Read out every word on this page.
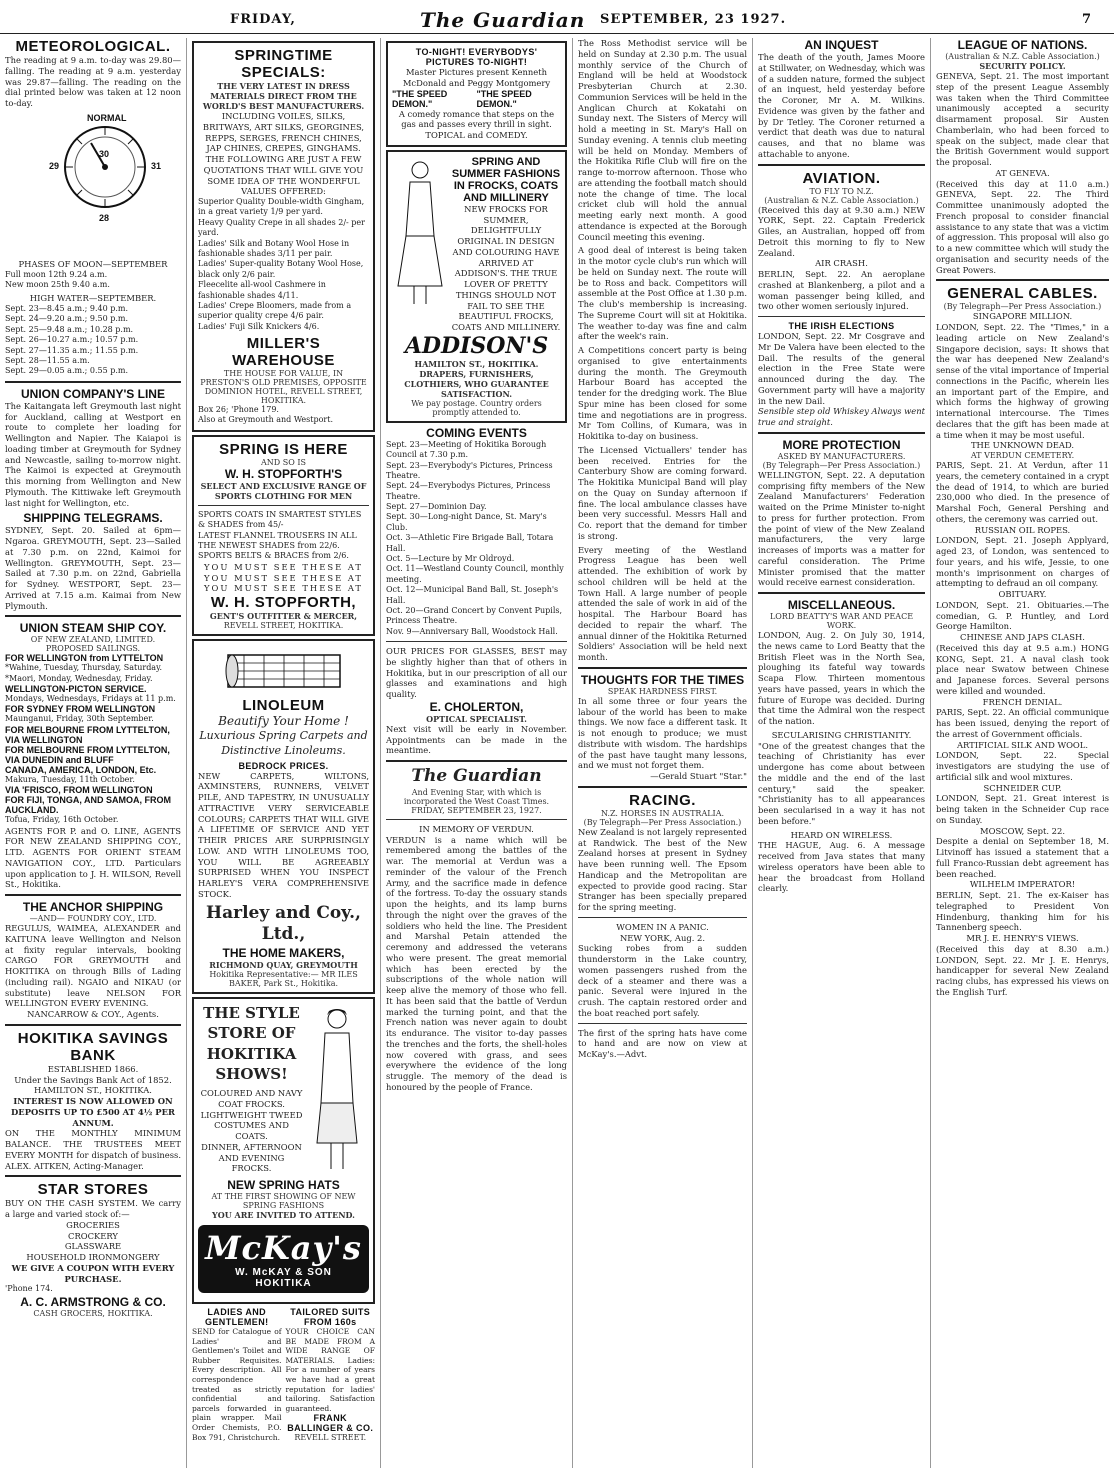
FRIDAY,	The Guardian SEPTEMBER, 23 1927.	7
METEOROLOGICAL.
The reading at 9 a.m. to-day was 29.80—falling. The reading at 9 a.m. yesterday was 29.87—falling. The reading on the dial printed below was taken at 12 noon to-day.
NORMAL
29	31
28
30
PHASES OF MOON—SEPTEMBER
Full moon 12th 9.24 a.m.
New moon 25th 9.40 a.m.
HIGH WATER—SEPTEMBER.
Sept. 23—8.45 a.m.; 9.40 p.m.
Sept. 24—9.20 a.m.; 9.50 p.m.
Sept. 25—9.48 a.m.; 10.28 p.m.
Sept. 26—10.27 a.m.; 10.57 p.m.
Sept. 27—11.35 a.m.; 11.55 p.m.
Sept. 28—11.55 a.m.
Sept. 29—0.05 a.m.; 0.55 p.m.
UNION COMPANY'S LINE
The Kaitangata left Greymouth last night for Auckland, calling at Westport en route to complete her loading for Wellington and Napier. The Kaiapoi is loading timber at Greymouth for Sydney and Newcastle, sailing to-morrow night. The Kaimoi is expected at Greymouth this morning from Wellington and New Plymouth. The Kittiwake left Greymouth last night for Wellington, etc.
SHIPPING TELEGRAMS.
SYDNEY, Sept. 20. Sailed at 6pm—Ngaroa. GREYMOUTH, Sept. 23—Sailed at 7.30 p.m. on 22nd, Kaimoi for Wellington. GREYMOUTH, Sept. 23—Sailed at 7.30 p.m. on 22nd, Gabriella for Sydney. WESTPORT, Sept. 23—Arrived at 7.15 a.m. Kaimai from New Plymouth.
UNION STEAM SHIP COY.
OF NEW ZEALAND, LIMITED.
PROPOSED SAILINGS.
FOR WELLINGTON from LYTTELTON
*Wahine, Tuesday, Thursday, Saturday.
*Maori, Monday, Wednesday, Friday.
WELLINGTON-PICTON SERVICE.
Mondays, Wednesdays, Fridays at 11 p.m.
FOR SYDNEY FROM WELLINGTON
Maunganui, Friday, 30th September.
FOR MELBOURNE FROM LYTTELTON, VIA WELLINGTON
FOR MELBOURNE FROM LYTTELTON, VIA DUNEDIN and BLUFF
CANADA, AMERICA, LONDON, Etc.
Makura, Tuesday, 11th October.
VIA 'FRISCO, FROM WELLINGTON
FOR FIJI, TONGA, AND SAMOA, FROM AUCKLAND.
Tofua, Friday, 16th October.
AGENTS FOR P. and O. LINE, AGENTS FOR NEW ZEALAND SHIPPING COY., LTD. AGENTS FOR ORIENT STEAM NAVIGATION COY., LTD. Particulars upon application to J. H. WILSON, Revell St., Hokitika.
THE ANCHOR SHIPPING
—AND— FOUNDRY COY., LTD.
REGULUS, WAIMEA, ALEXANDER and KAITUNA leave Wellington and Nelson at fixity regular intervals, booking CARGO FOR GREYMOUTH and HOKITIKA on through Bills of Lading (including rail). NGAIO and NIKAU (or substitute) leave NELSON FOR WELLINGTON EVERY EVENING.
NANCARROW & COY., Agents.
HOKITIKA SAVINGS BANK
ESTABLISHED 1866.
Under the Savings Bank Act of 1852.
HAMILTON ST., HOKITIKA.
INTEREST IS NOW ALLOWED ON DEPOSITS UP TO £500 AT 4½ PER ANNUM.
ON THE MONTHLY MINIMUM BALANCE. THE TRUSTEES MEET EVERY MONTH for dispatch of business. ALEX. AITKEN, Acting-Manager.
STAR STORES
BUY ON THE CASH SYSTEM. We carry a large and varied stock of:—
GROCERIES
CROCKERY
GLASSWARE
HOUSEHOLD IRONMONGERY
WE GIVE A COUPON WITH EVERY PURCHASE.
'Phone 174.
A. C. ARMSTRONG & CO.
CASH GROCERS, HOKITIKA.
SPRINGTIME SPECIALS:
THE VERY LATEST IN DRESS MATERIALS DIRECT FROM THE WORLD'S BEST MANUFACTURERS.
INCLUDING VOILES, SILKS, BRITWAYS, ART SILKS, GEORGINES, REPPS, SERGES, FRENCH CHINES, JAP CHINES, CREPES, GINGHAMS. THE FOLLOWING ARE JUST A FEW QUOTATIONS THAT WILL GIVE YOU SOME IDEA OF THE WONDERFUL VALUES OFFERED:
Superior Quality Double-width Gingham, in a great variety 1/9 per yard.
Heavy Quality Crepe in all shades 2/- per yard.
Ladies' Silk and Botany Wool Hose in fashionable shades 3/11 per pair.
Ladies' Super-quality Botany Wool Hose, black only 2/6 pair.
Fleecelite all-wool Cashmere in fashionable shades 4/11.
Ladies' Crepe Bloomers, made from a superior quality crepe 4/6 pair.
Ladies' Fuji Silk Knickers 4/6.
MILLER'S WAREHOUSE
THE HOUSE FOR VALUE, IN PRESTON'S OLD PREMISES, OPPOSITE DOMINION HOTEL, REVELL STREET, HOKITIKA.
Box 26; 'Phone 179.
Also at Greymouth and Westport.
SPRING IS HERE
AND SO IS
W. H. STOPFORTH'S
SELECT AND EXCLUSIVE RANGE OF SPORTS CLOTHING FOR MEN
SPORTS COATS IN SMARTEST STYLES & SHADES from 45/-
LATEST FLANNEL TROUSERS IN ALL THE NEWEST SHADES from 22/6.
SPORTS BELTS & BRACES from 2/6.
YOU MUST SEE THESE AT YOU MUST SEE THESE AT YOU MUST SEE THESE AT
W. H. STOPFORTH,
GENT'S OUTFITTER & MERCER,
REVELL STREET, HOKITIKA.
LINOLEUM
Beautify Your Home !
Luxurious Spring Carpets and Distinctive Linoleums.
BEDROCK PRICES.
NEW CARPETS, WILTONS, AXMINSTERS, RUNNERS, VELVET PILE, AND TAPESTRY, IN UNUSUALLY ATTRACTIVE VERY SERVICEABLE COLOURS; CARPETS THAT WILL GIVE A LIFETIME OF SERVICE AND YET THEIR PRICES ARE SURPRISINGLY LOW. AND WITH LINOLEUMS TOO, YOU WILL BE AGREEABLY SURPRISED WHEN YOU INSPECT HARLEY'S VERA COMPREHENSIVE STOCK.
Harley and Coy., Ltd.,
THE HOME MAKERS,
RICHMOND QUAY, GREYMOUTH
Hokitika Representative:— MR ILES BAKER, Park St., Hokitika.
THE STYLE STORE OF HOKITIKA SHOWS!
COLOURED AND NAVY COAT FROCKS.
LIGHTWEIGHT TWEED COSTUMES AND COATS.
DINNER, AFTERNOON AND EVENING FROCKS.
NEW SPRING HATS
AT THE FIRST SHOWING OF NEW SPRING FASHIONS
YOU ARE INVITED TO ATTEND.
McKay's
W. McKAY & SON
HOKITIKA
LADIES AND GENTLEMEN!
SEND for Catalogue of Ladies' and Gentlemen's Toilet and Rubber Requisites. Every description. All correspondence treated as strictly confidential and parcels forwarded in plain wrapper. Mail Order Chemists, P.O. Box 791, Christchurch.
TAILORED SUITS FROM 160s
YOUR CHOICE CAN BE MADE FROM A WIDE RANGE OF MATERIALS. Ladies: For a number of years we have had a great reputation for ladies' tailoring. Satisfaction guaranteed.
FRANK BALLINGER & CO.
REVELL STREET.
TO-NIGHT! EVERYBODYS' PICTURES TO-NIGHT!
Master Pictures present Kenneth McDonald and Peggy Montgomery
"THE SPEED DEMON."
"THE SPEED DEMON."
A comedy romance that steps on the gas and passes every thrill in sight. TOPICAL and COMEDY.
SPRING AND SUMMER FASHIONS IN FROCKS, COATS AND MILLINERY
NEW FROCKS FOR SUMMER, DELIGHTFULLY ORIGINAL IN DESIGN AND COLOURING HAVE ARRIVED AT ADDISON'S. THE TRUE LOVER OF PRETTY THINGS SHOULD NOT FAIL TO SEE THE BEAUTIFUL FROCKS, COATS AND MILLINERY.
ADDISON'S
HAMILTON ST., HOKITIKA. DRAPERS, FURNISHERS, CLOTHIERS, WHO GUARANTEE SATISFACTION.
We pay postage. Country orders promptly attended to.
COMING EVENTS
Sept. 23—Meeting of Hokitika Borough Council at 7.30 p.m.
Sept. 23—Everybody's Pictures, Princess Theatre.
Sept. 24—Everybodys Pictures, Princess Theatre.
Sept. 27—Dominion Day.
Sept. 30—Long-night Dance, St. Mary's Club.
Oct. 3—Athletic Fire Brigade Ball, Totara Hall.
Oct. 5—Lecture by Mr Oldroyd.
Oct. 11—Westland County Council, monthly meeting.
Oct. 12—Municipal Band Ball, St. Joseph's Hall.
Oct. 20—Grand Concert by Convent Pupils, Princess Theatre.
Nov. 9—Anniversary Ball, Woodstock Hall.
OUR PRICES FOR GLASSES, BEST may be slightly higher than that of others in Hokitika, but in our prescription of all our glasses and examinations and high quality.
E. CHOLERTON,
OPTICAL SPECIALIST.
Next visit will be early in November. Appointments can be made in the meantime.
The Guardian
And Evening Star, with which is incorporated the West Coast Times.
FRIDAY, SEPTEMBER 23, 1927.
IN MEMORY OF VERDUN.
VERDUN is a name which will be remembered among the battles of the war. The memorial at Verdun was a reminder of the valour of the French Army, and the sacrifice made in defence of the fortress. To-day the ossuary stands upon the heights, and its lamp burns through the night over the graves of the soldiers who held the line. The President and Marshal Petain attended the ceremony and addressed the veterans who were present. The great memorial which has been erected by the subscriptions of the whole nation will keep alive the memory of those who fell. It has been said that the battle of Verdun marked the turning point, and that the French nation was never again to doubt its endurance. The visitor to-day passes the trenches and the forts, the shell-holes now covered with grass, and sees everywhere the evidence of the long struggle. The memory of the dead is honoured by the people of France.
The Ross Methodist service will be held on Sunday at 2.30 p.m. The usual monthly service of the Church of England will be held at Woodstock Presbyterian Church at 2.30. Communion Services will be held in the Anglican Church at Kokatahi on Sunday next. The Sisters of Mercy will hold a meeting in St. Mary's Hall on Sunday evening. A tennis club meeting will be held on Monday. Members of the Hokitika Rifle Club will fire on the range to-morrow afternoon. Those who are attending the football match should note the change of time. The local cricket club will hold the annual meeting early next month. A good attendance is expected at the Borough Council meeting this evening.
A good deal of interest is being taken in the motor cycle club's run which will be held on Sunday next. The route will be to Ross and back. Competitors will assemble at the Post Office at 1.30 p.m. The club's membership is increasing. The Supreme Court will sit at Hokitika. The weather to-day was fine and calm after the week's rain.
A Competitions concert party is being organised to give entertainments during the month. The Greymouth Harbour Board has accepted the tender for the dredging work. The Blue Spur mine has been closed for some time and negotiations are in progress. Mr Tom Collins, of Kumara, was in Hokitika to-day on business.
The Licensed Victuallers' tender has been received. Entries for the Canterbury Show are coming forward. The Hokitika Municipal Band will play on the Quay on Sunday afternoon if fine. The local ambulance classes have been very successful. Messrs Hall and Co. report that the demand for timber is strong.
Every meeting of the Westland Progress League has been well attended. The exhibition of work by school children will be held at the Town Hall. A large number of people attended the sale of work in aid of the hospital. The Harbour Board has decided to repair the wharf. The annual dinner of the Hokitika Returned Soldiers' Association will be held next month.
THOUGHTS FOR THE TIMES
SPEAK HARDNESS FIRST.
In all some three or four years the labour of the world has been to make things. We now face a different task. It is not enough to produce; we must distribute with wisdom. The hardships of the past have taught many lessons, and we must not forget them.
—Gerald Stuart "Star."
RACING.
N.Z. HORSES IN AUSTRALIA.
(By Telegraph—Per Press Association.)
New Zealand is not largely represented at Randwick. The best of the New Zealand horses at present in Sydney have been running well. The Epsom Handicap and the Metropolitan are expected to provide good racing. Star Stranger has been specially prepared for the spring meeting.
WOMEN IN A PANIC.
NEW YORK, Aug. 2.
Sucking robes from a sudden thunderstorm in the Lake country, women passengers rushed from the deck of a steamer and there was a panic. Several were injured in the crush. The captain restored order and the boat reached port safely.
The first of the spring hats have come to hand and are now on view at McKay's.—Advt.
AN INQUEST
The death of the youth, James Moore at Stillwater, on Wednesday, which was of a sudden nature, formed the subject of an inquest, held yesterday before the Coroner, Mr A. M. Wilkins. Evidence was given by the father and by Dr Tetley. The Coroner returned a verdict that death was due to natural causes, and that no blame was attachable to anyone.
AVIATION.
TO FLY TO N.Z.
(Australian & N.Z. Cable Association.)
(Received this day at 9.30 a.m.) NEW YORK, Sept. 22. Captain Frederick Giles, an Australian, hopped off from Detroit this morning to fly to New Zealand.
AIR CRASH.
BERLIN, Sept. 22. An aeroplane crashed at Blankenberg, a pilot and a woman passenger being killed, and two other women seriously injured.
THE IRISH ELECTIONS
LONDON, Sept. 22. Mr Cosgrave and Mr De Valera have been elected to the Dail. The results of the general election in the Free State were announced during the day. The Government party will have a majority in the new Dail.
Sensible step old Whiskey Always went true and straight.
MORE PROTECTION
ASKED BY MANUFACTURERS.
(By Telegraph—Per Press Association.)
WELLINGTON, Sept. 22. A deputation comprising fifty members of the New Zealand Manufacturers' Federation waited on the Prime Minister to-night to press for further protection. From the point of view of the New Zealand manufacturers, the very large increases of imports was a matter for careful consideration. The Prime Minister promised that the matter would receive earnest consideration.
MISCELLANEOUS.
LORD BEATTY'S WAR AND PEACE WORK.
LONDON, Aug. 2. On July 30, 1914, the news came to Lord Beatty that the British Fleet was in the North Sea, ploughing its fateful way towards Scapa Flow. Thirteen momentous years have passed, years in which the future of Europe was decided. During that time the Admiral won the respect of the nation.
SECULARISING CHRISTIANITY.
"One of the greatest changes that the teaching of Christianity has ever undergone has come about between the middle and the end of the last century," said the speaker. "Christianity has to all appearances been secularised in a way it has not been before."
HEARD ON WIRELESS.
THE HAGUE, Aug. 6. A message received from Java states that many wireless operators have been able to hear the broadcast from Holland clearly.
LEAGUE OF NATIONS.
(Australian & N.Z. Cable Association.)
SECURITY POLICY.
GENEVA, Sept. 21. The most important step of the present League Assembly was taken when the Third Committee unanimously accepted a security disarmament proposal. Sir Austen Chamberlain, who had been forced to speak on the subject, made clear that the British Government would support the proposal.
AT GENEVA.
(Received this day at 11.0 a.m.) GENEVA, Sept. 22. The Third Committee unanimously adopted the French proposal to consider financial assistance to any state that was a victim of aggression. This proposal will also go to a new committee which will study the organisation and security needs of the Great Powers.
GENERAL CABLES.
(By Telegraph—Per Press Association.)
SINGAPORE MILLION.
LONDON, Sept. 22. The "Times," in a leading article on New Zealand's Singapore decision, says: It shows that the war has deepened New Zealand's sense of the vital importance of Imperial connections in the Pacific, wherein lies an important part of the Empire, and which forms the highway of growing international intercourse. The Times declares that the gift has been made at a time when it may be most useful.
THE UNKNOWN DEAD.
AT VERDUN CEMETERY.
PARIS, Sept. 21. At Verdun, after 11 years, the cemetery contained in a crypt the dead of 1914, to which are buried 230,000 who died. In the presence of Marshal Foch, General Pershing and others, the ceremony was carried out.
RUSSIAN OIL ROPES.
LONDON, Sept. 21. Joseph Applyard, aged 23, of London, was sentenced to four years, and his wife, Jessie, to one month's imprisonment on charges of attempting to defraud an oil company.
OBITUARY.
LONDON, Sept. 21. Obituaries.—The comedian, G. P. Huntley, and Lord George Hamilton.
CHINESE AND JAPS CLASH.
(Received this day at 9.5 a.m.) HONG KONG, Sept. 21. A naval clash took place near Swatow between Chinese and Japanese forces. Several persons were killed and wounded.
FRENCH DENIAL.
PARIS, Sept. 22. An official communique has been issued, denying the report of the arrest of Government officials.
ARTIFICIAL SILK AND WOOL.
LONDON, Sept. 22. Special investigators are studying the use of artificial silk and wool mixtures.
SCHNEIDER CUP.
LONDON, Sept. 21. Great interest is being taken in the Schneider Cup race on Sunday.
MOSCOW, Sept. 22.
Despite a denial on September 18, M. Litvinoff has issued a statement that a full Franco-Russian debt agreement has been reached.
WILHELM IMPERATOR!
BERLIN, Sept. 21. The ex-Kaiser has telegraphed to President Von Hindenburg, thanking him for his Tannenberg speech.
MR J. E. HENRY'S VIEWS.
(Received this day at 8.30 a.m.) LONDON, Sept. 22. Mr J. E. Henrys, handicapper for several New Zealand racing clubs, has expressed his views on the English Turf.
